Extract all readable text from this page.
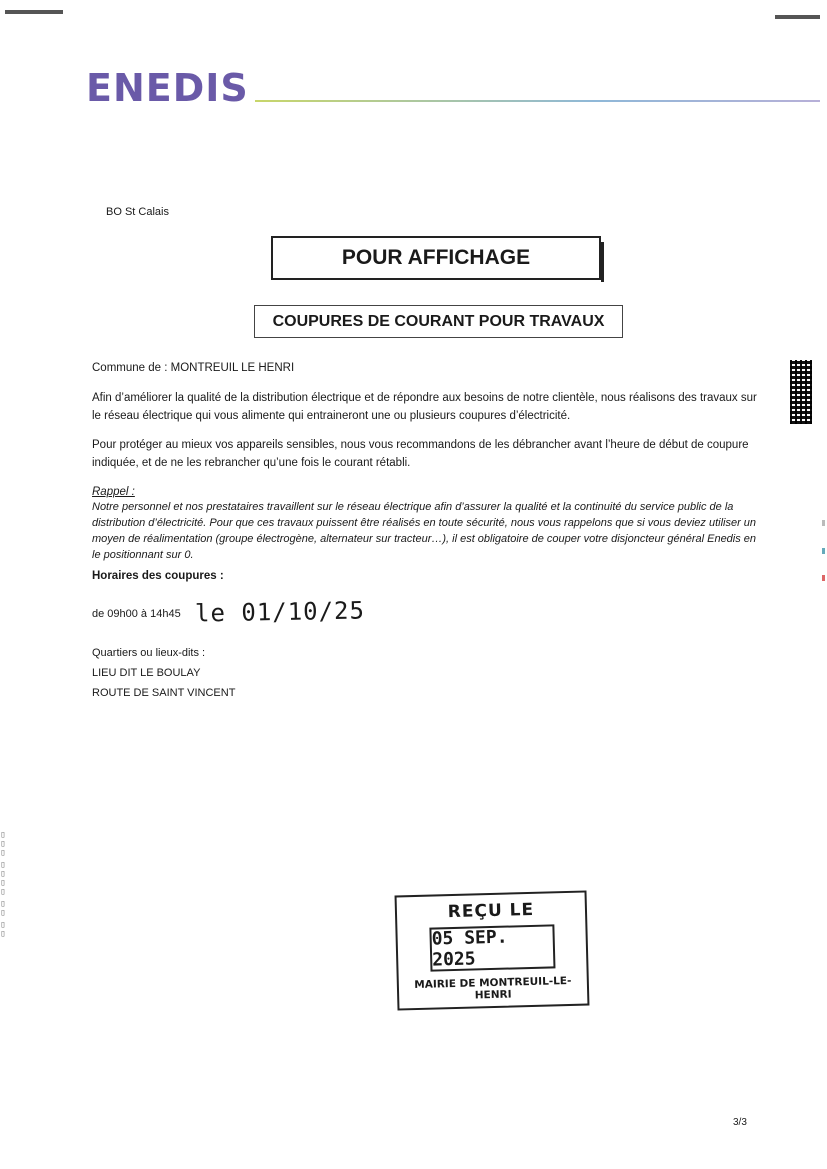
ENEDIS
BO St Calais
POUR AFFICHAGE
COUPURES DE COURANT POUR TRAVAUX
Commune de : MONTREUIL LE HENRI
Afin d’améliorer la qualité de la distribution électrique et de répondre aux besoins de notre clientèle, nous réalisons des travaux sur le réseau électrique qui vous alimente qui entraineront une ou plusieurs coupures d’électricité.
Pour protéger au mieux vos appareils sensibles, nous vous recommandons de les débrancher avant l’heure de début de coupure indiquée, et de ne les rebrancher qu’une fois le courant rétabli.
Rappel :
Notre personnel et nos prestataires travaillent sur le réseau électrique afin d’assurer la qualité et la continuité du service public de la distribution d’électricité. Pour que ces travaux puissent être réalisés en toute sécurité, nous vous rappelons que si vous deviez utiliser un moyen de réalimentation (groupe électrogène, alternateur sur tracteur…), il est obligatoire de couper votre disjoncteur général Enedis en le positionnant sur 0.
Horaires des coupures :
de 09h00 à 14h45 le 01/10/25
Quartiers ou lieux-dits :
LIEU DIT LE BOULAY
ROUTE DE SAINT VINCENT
▯▯ ▯▯ ▯▯▯▯ ▯▯▯	REÇU LE
05 SEP. 2025
MAIRIE DE MONTREUIL-LE-HENRI
3/3
